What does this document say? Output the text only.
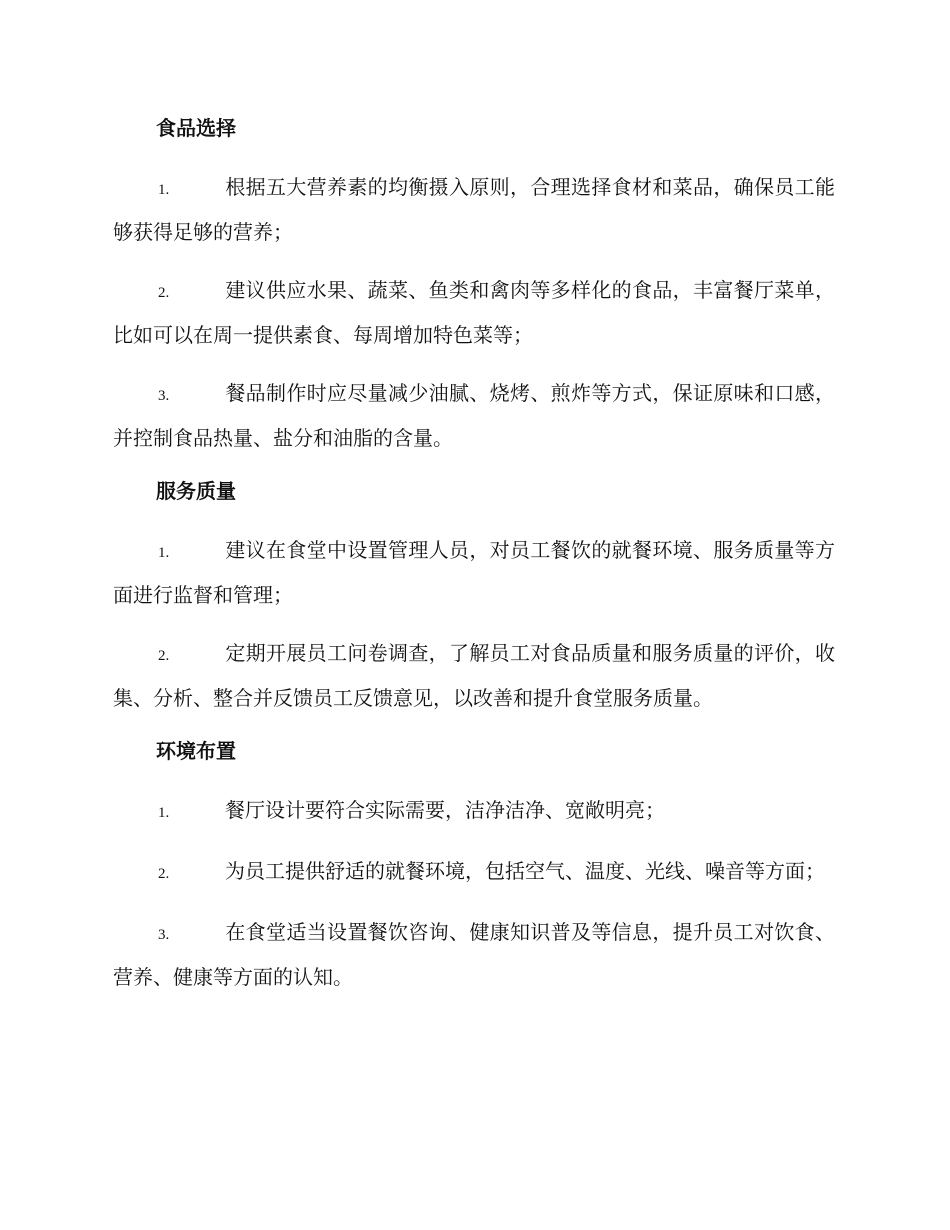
食品选择

1.	根据五大营养素的均衡摄入原则，合理选择食材和菜品，确保员工能够获得足够的营养；

2.	建议供应水果、蔬菜、鱼类和禽肉等多样化的食品，丰富餐厅菜单，比如可以在周一提供素食、每周增加特色菜等；

3.	餐品制作时应尽量减少油腻、烧烤、煎炸等方式，保证原味和口感，并控制食品热量、盐分和油脂的含量。

服务质量

1.	建议在食堂中设置管理人员，对员工餐饮的就餐环境、服务质量等方面进行监督和管理；

2.	定期开展员工问卷调查，了解员工对食品质量和服务质量的评价，收集、分析、整合并反馈员工反馈意见，以改善和提升食堂服务质量。

环境布置

1.	餐厅设计要符合实际需要，洁净洁净、宽敞明亮；

2.	为员工提供舒适的就餐环境，包括空气、温度、光线、噪音等方面；

3.	在食堂适当设置餐饮咨询、健康知识普及等信息，提升员工对饮食、营养、健康等方面的认知。
